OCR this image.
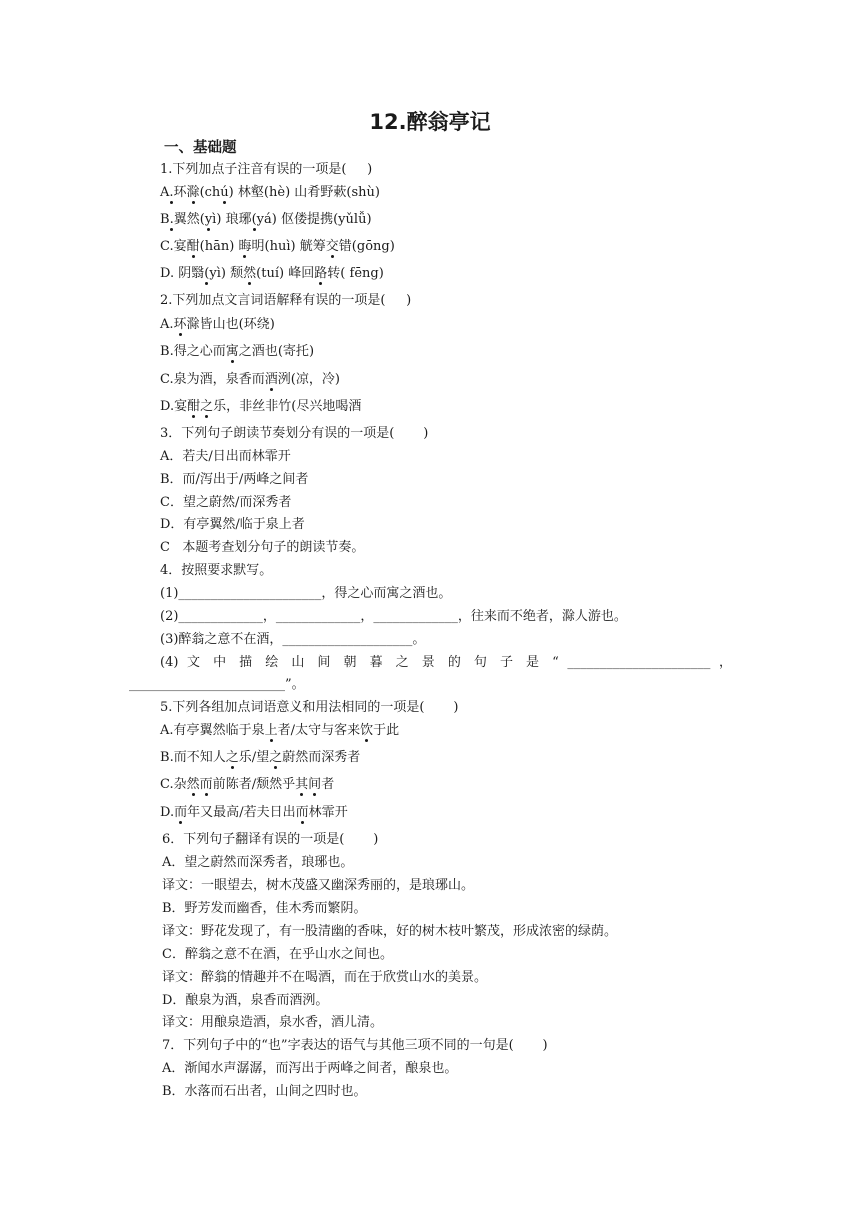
12.醉翁亭记
一、基础题
1.下列加点子注音有误的一项是(     )
A.环滁(chú) 林壑(hè) 山肴野蔌(shù)
B.翼然(yì) 琅琊(yá) 伛偻提携(yǔlǚ)
C.宴酣(hān) 晦明(huì) 觥筹交错(gōng)
D. 阴翳(yì) 颓然(tuí) 峰回路转( fēng)
2.下列加点文言词语解释有误的一项是(     )
A.环滁皆山也(环绕)
B.得之心而寓之酒也(寄托)
C.泉为酒，泉香而酒洌(凉，冷)
D.宴酣之乐，非丝非竹(尽兴地喝酒
3．下列句子朗读节奏划分有误的一项是(       )
A．若夫/日出而林霏开
B．而/泻出于/两峰之间者
C．望之蔚然/而深秀者
D．有亭翼然/临于泉上者
C   本题考查划分句子的朗读节奏。
4．按照要求默写。
(1)______________________，得之心而寓之酒也。
(2)_____________，_____________，_____________，往来而不绝者，滁人游也。
(3)醉翁之意不在酒，____________________。
(4) 文 中 描 绘 山 间 朝 暮 之 景 的 句 子 是 “ ______________________ ，
________________________”。
5.下列各组加点词语意义和用法相同的一项是(       )
A.有亭翼然临于泉上者/太守与客来饮于此
B.而不知人之乐/望之蔚然而深秀者
C.杂然而前陈者/颓然乎其间者
D.而年又最高/若夫日出而林霏开
6．下列句子翻译有误的一项是(       )
A．望之蔚然而深秀者，琅琊也。
译文：一眼望去，树木茂盛又幽深秀丽的，是琅琊山。
B．野芳发而幽香，佳木秀而繁阴。
译文：野花发现了，有一股清幽的香味，好的树木枝叶繁茂，形成浓密的绿荫。
C．醉翁之意不在酒，在乎山水之间也。
译文：醉翁的情趣并不在喝酒，而在于欣赏山水的美景。
D．酿泉为酒，泉香而酒洌。
译文：用酿泉造酒，泉水香，酒儿清。
7．下列句子中的“也”字表达的语气与其他三项不同的一句是(       )
A．渐闻水声潺潺，而泻出于两峰之间者，酿泉也。
B．水落而石出者，山间之四时也。
